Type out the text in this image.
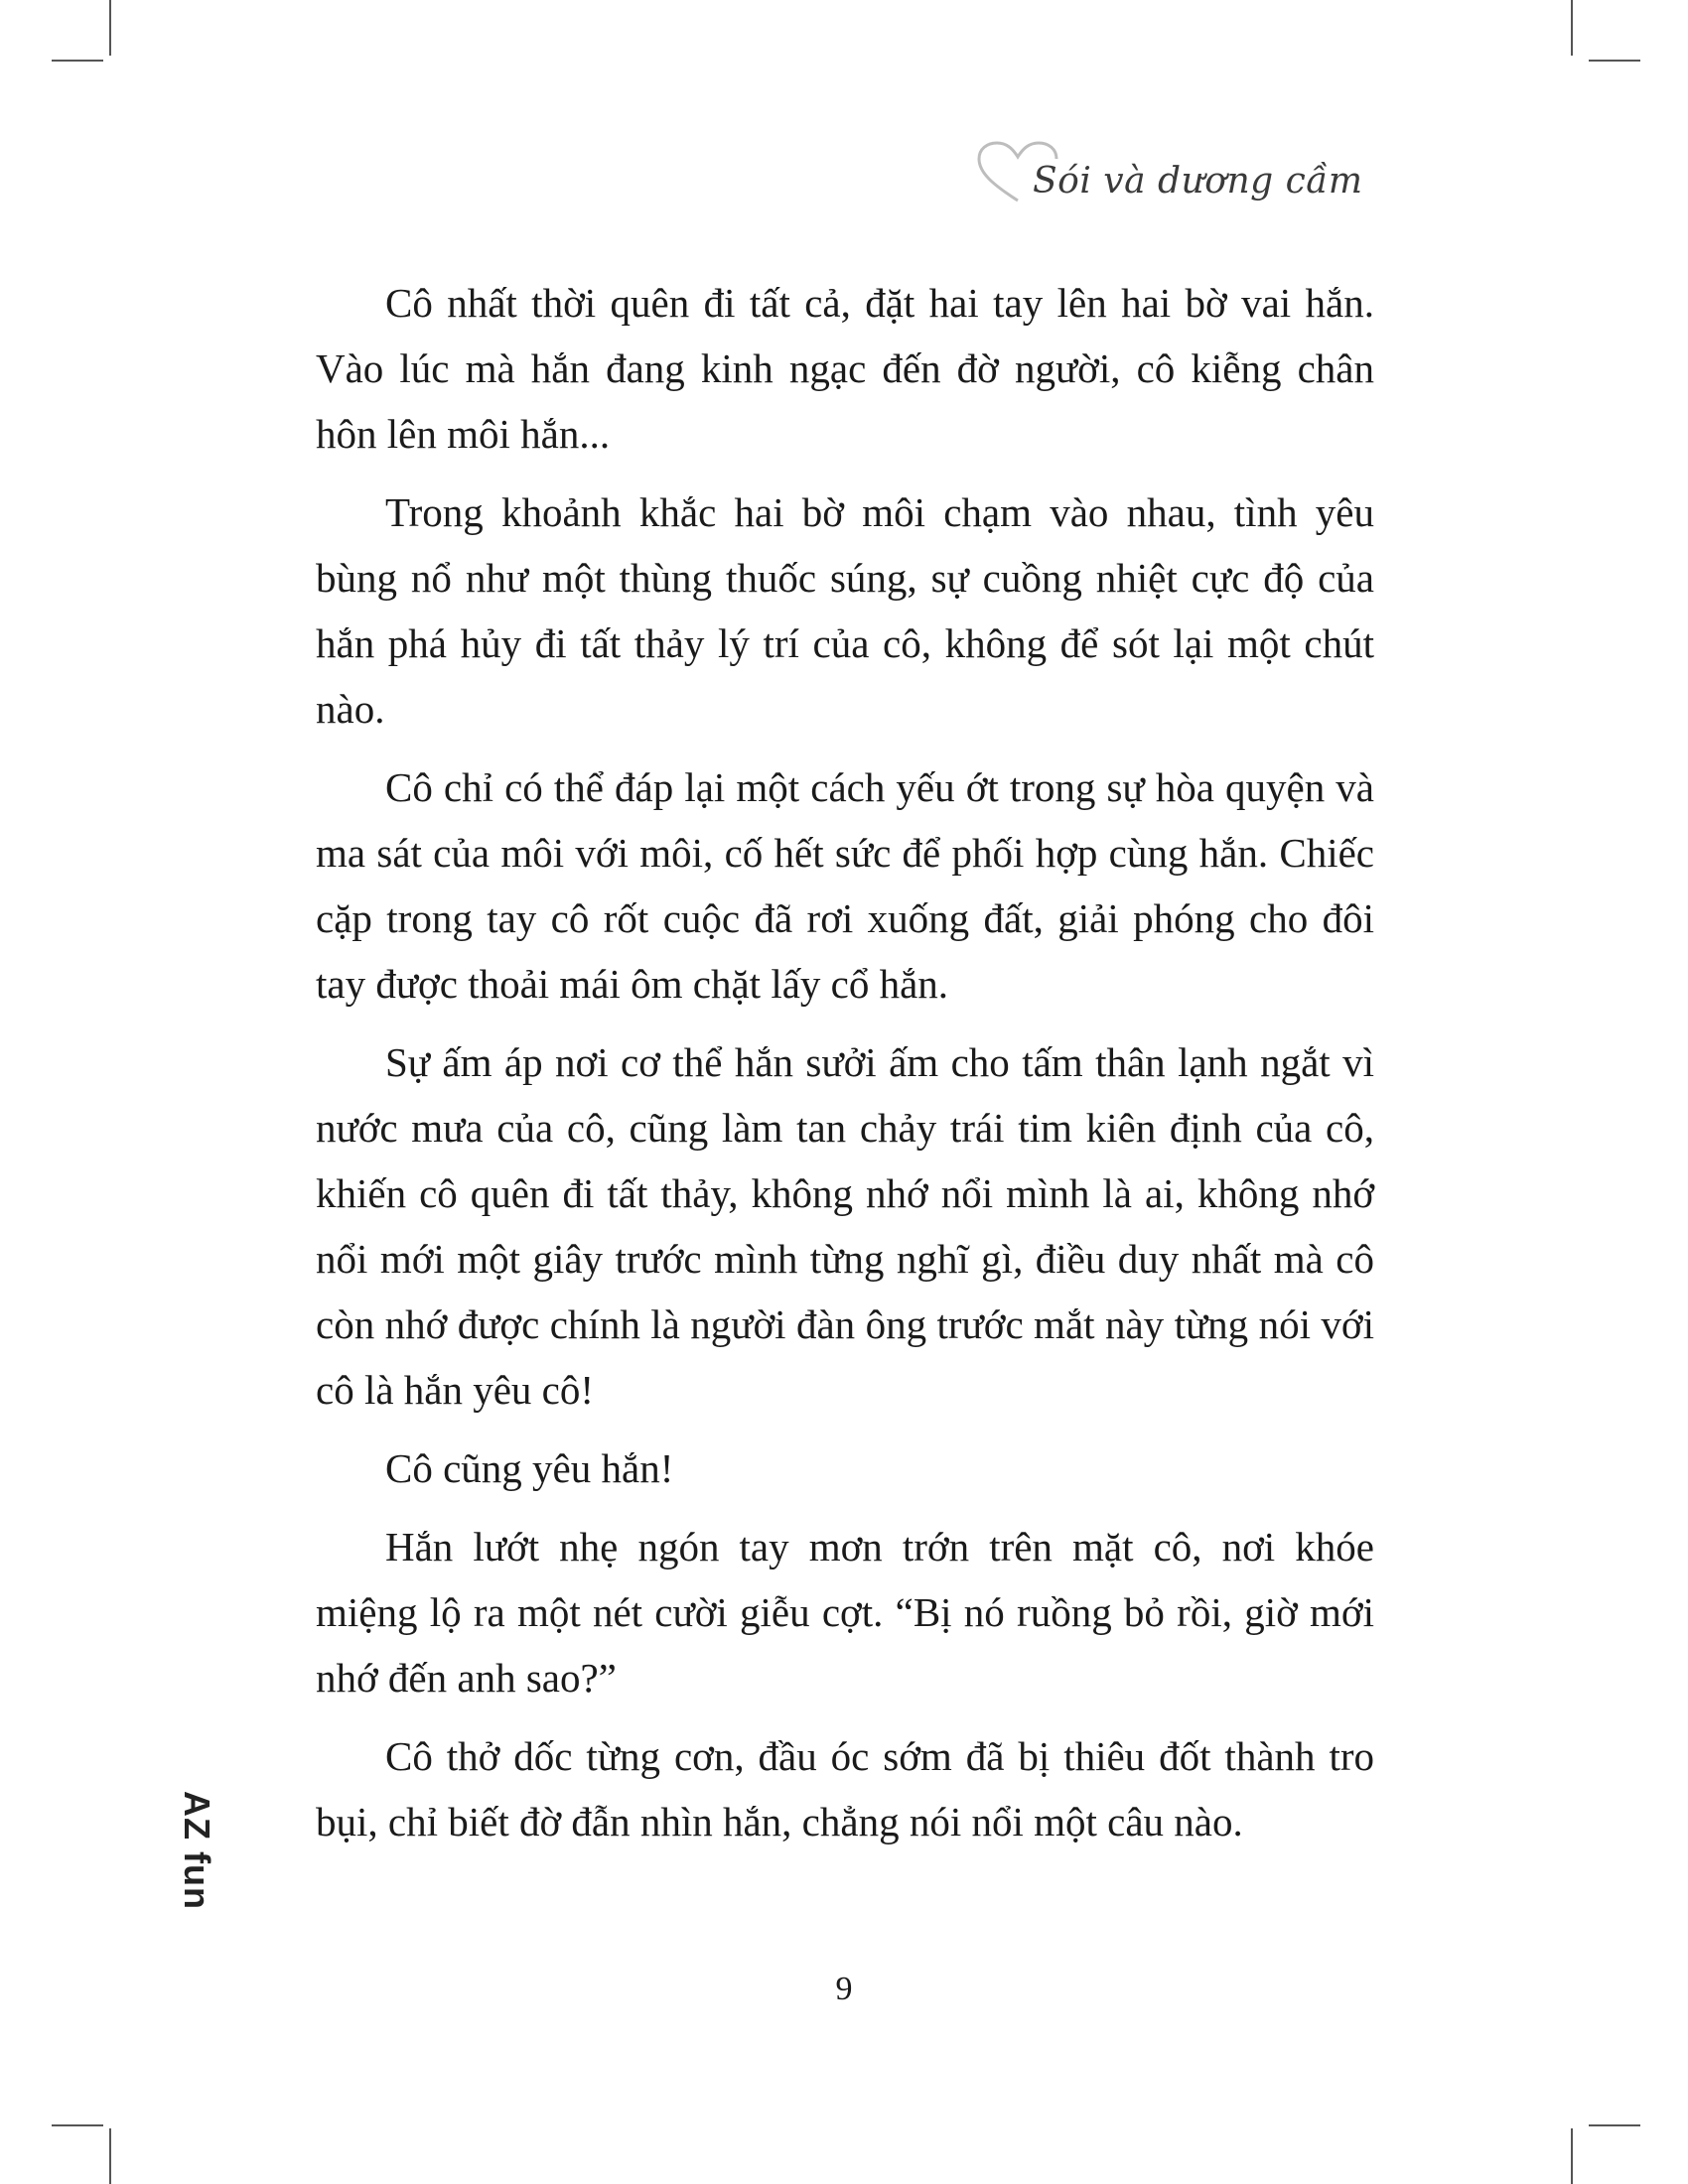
Sói và dương cầm

Cô nhất thời quên đi tất cả, đặt hai tay lên hai bờ vai hắn. Vào lúc mà hắn đang kinh ngạc đến đờ người, cô kiễng chân hôn lên môi hắn...

Trong khoảnh khắc hai bờ môi chạm vào nhau, tình yêu bùng nổ như một thùng thuốc súng, sự cuồng nhiệt cực độ của hắn phá hủy đi tất thảy lý trí của cô, không để sót lại một chút nào.

Cô chỉ có thể đáp lại một cách yếu ớt trong sự hòa quyện và ma sát của môi với môi, cố hết sức để phối hợp cùng hắn. Chiếc cặp trong tay cô rốt cuộc đã rơi xuống đất, giải phóng cho đôi tay được thoải mái ôm chặt lấy cổ hắn.

Sự ấm áp nơi cơ thể hắn sưởi ấm cho tấm thân lạnh ngắt vì nước mưa của cô, cũng làm tan chảy trái tim kiên định của cô, khiến cô quên đi tất thảy, không nhớ nổi mình là ai, không nhớ nổi mới một giây trước mình từng nghĩ gì, điều duy nhất mà cô còn nhớ được chính là người đàn ông trước mắt này từng nói với cô là hắn yêu cô!

Cô cũng yêu hắn!

Hắn lướt nhẹ ngón tay mơn trớn trên mặt cô, nơi khóe miệng lộ ra một nét cười giễu cợt. “Bị nó ruồng bỏ rồi, giờ mới nhớ đến anh sao?”

Cô thở dốc từng cơn, đầu óc sớm đã bị thiêu đốt thành tro bụi, chỉ biết đờ đẫn nhìn hắn, chẳng nói nổi một câu nào.

AZ fun
9
